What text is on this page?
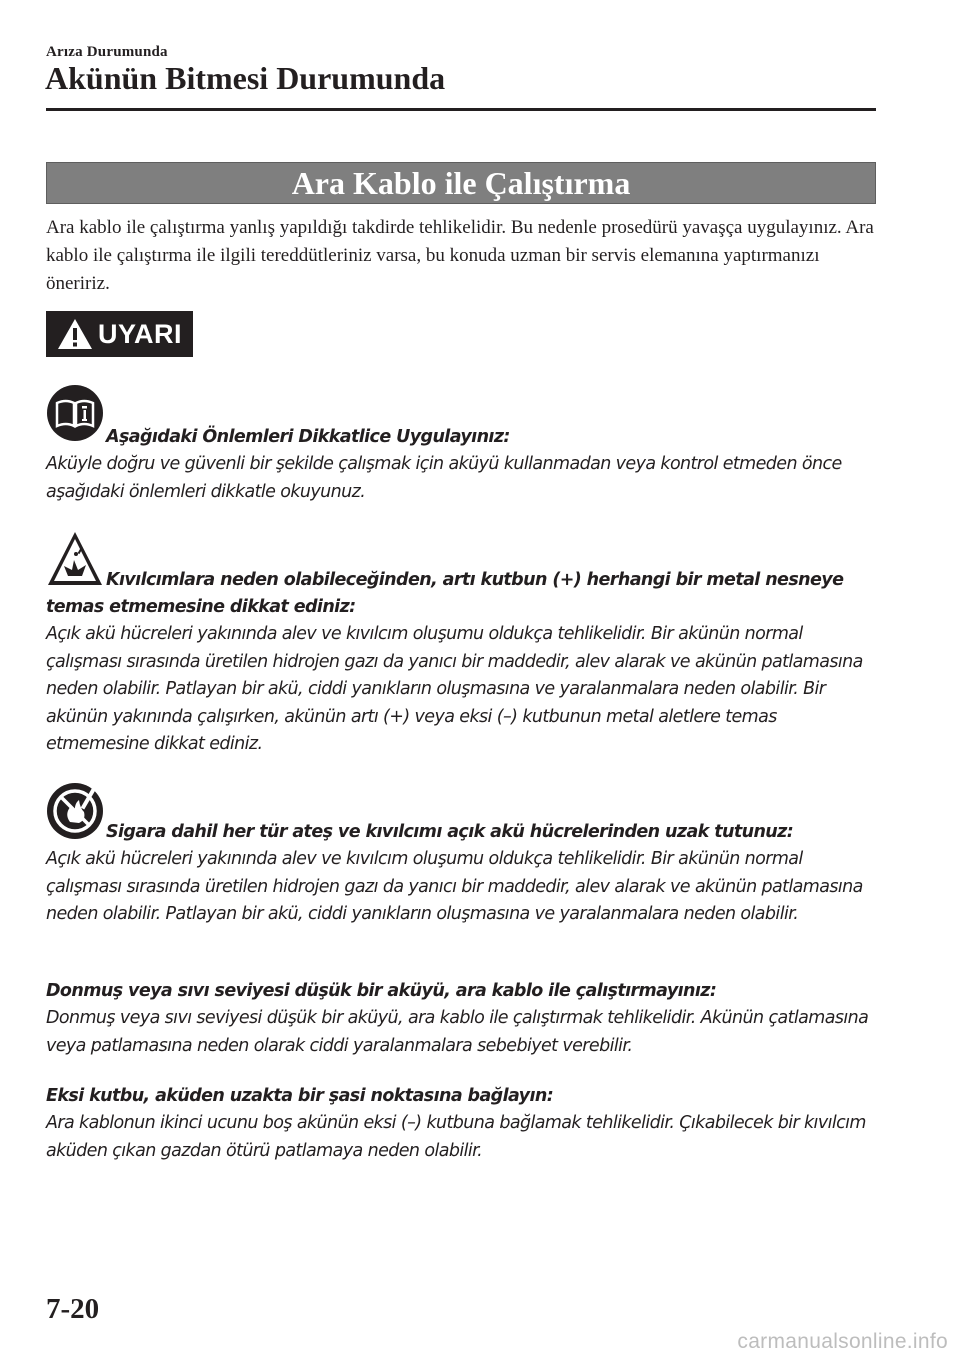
Arıza Durumunda
Akünün Bitmesi Durumunda
Ara Kablo ile Çalıştırma

Ara kablo ile çalıştırma yanlış yapıldığı takdirde tehlikelidir. Bu nedenle prosedürü yavaşça uygulayınız. Ara kablo ile çalıştırma ile ilgili tereddütleriniz varsa, bu konuda uzman bir servis elemanına yaptırmanızı öneririz.

UYARI

Aşağıdaki Önlemleri Dikkatlice Uygulayınız:

Aküyle doğru ve güvenli bir şekilde çalışmak için aküyü kullanmadan veya kontrol etmeden önce aşağıdaki önlemleri dikkatle okuyunuz.

Kıvılcımlara neden olabileceğinden, artı kutbun (+) herhangi bir metal nesneye temas etmemesine dikkat ediniz:

Açık akü hücreleri yakınında alev ve kıvılcım oluşumu oldukça tehlikelidir. Bir akünün normal çalışması sırasında üretilen hidrojen gazı da yanıcı bir maddedir, alev alarak ve akünün patlamasına neden olabilir. Patlayan bir akü, ciddi yanıkların oluşmasına ve yaralanmalara neden olabilir. Bir akünün yakınında çalışırken, akünün artı (+) veya eksi (–) kutbunun metal aletlere temas etmemesine dikkat ediniz.

Sigara dahil her tür ateş ve kıvılcımı açık akü hücrelerinden uzak tutunuz:

Açık akü hücreleri yakınında alev ve kıvılcım oluşumu oldukça tehlikelidir. Bir akünün normal çalışması sırasında üretilen hidrojen gazı da yanıcı bir maddedir, alev alarak ve akünün patlamasına neden olabilir. Patlayan bir akü, ciddi yanıkların oluşmasına ve yaralanmalara neden olabilir.

Donmuş veya sıvı seviyesi düşük bir aküyü, ara kablo ile çalıştırmayınız:

Donmuş veya sıvı seviyesi düşük bir aküyü, ara kablo ile çalıştırmak tehlikelidir. Akünün çatlamasına veya patlamasına neden olarak ciddi yaralanmalara sebebiyet verebilir.

Eksi kutbu, aküden uzakta bir şasi noktasına bağlayın:

Ara kablonun ikinci ucunu boş akünün eksi (–) kutbuna bağlamak tehlikelidir. Çıkabilecek bir kıvılcım aküden çıkan gazdan ötürü patlamaya neden olabilir.

7-20
carmanualsonline.info
